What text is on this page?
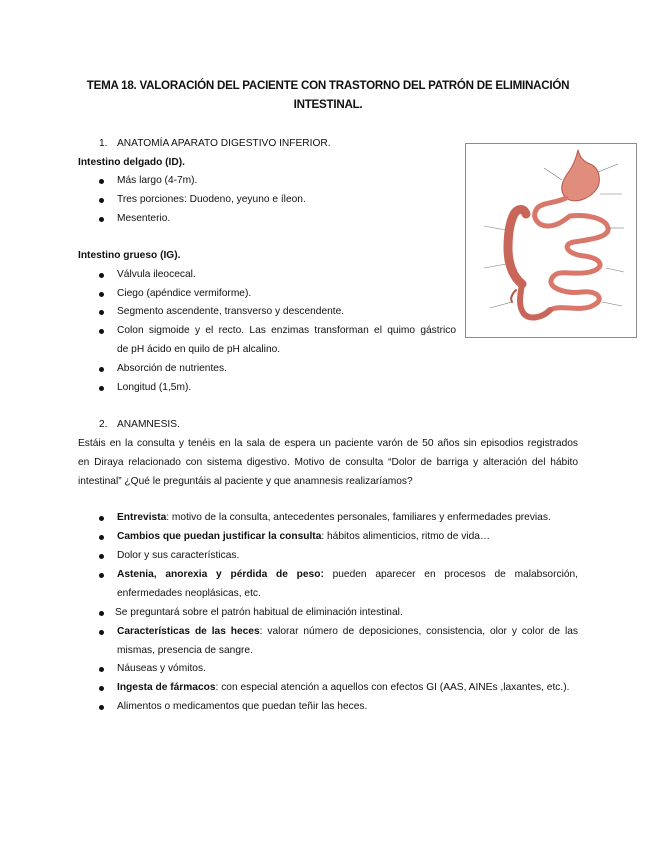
TEMA 18. VALORACIÓN DEL PACIENTE CON TRASTORNO DEL PATRÓN DE ELIMINACIÓN
INTESTINAL.
1. ANATOMÍA APARATO DIGESTIVO INFERIOR.
Intestino delgado (ID).
Más largo (4-7m).
Tres porciones: Duodeno, yeyuno e íleon.
Mesenterio.
Intestino grueso (IG).
Válvula ileocecal.
Ciego (apéndice vermiforme).
Segmento ascendente, transverso y descendente.
Colon sigmoide y el recto. Las enzimas transforman el quimo gástrico
de pH ácido en quilo de pH alcalino.
Absorción de nutrientes.
Longitud (1,5m).
2. ANAMNESIS.
Estáis en la consulta y tenéis en la sala de espera un paciente varón de 50 años sin episodios registrados
en Diraya relacionado con sistema digestivo. Motivo de consulta “Dolor de barriga y alteración del hábito
intestinal” ¿Qué le preguntáis al paciente y que anamnesis realizaríamos?
Entrevista: motivo de la consulta, antecedentes personales, familiares y enfermedades previas.
Cambios que puedan justificar la consulta: hábitos alimenticios, ritmo de vida…
Dolor y sus características.
Astenia, anorexia y pérdida de peso: pueden aparecer en procesos de malabsorción,
enfermedades neoplásicas, etc.
Se preguntará sobre el patrón habitual de eliminación intestinal.
Características de las heces: valorar número de deposiciones, consistencia, olor y color de las
mismas, presencia de sangre.
Náuseas y vómitos.
Ingesta de fármacos: con especial atención a aquellos con efectos GI (AAS, AINEs ,laxantes, etc.).
Alimentos o medicamentos que puedan teñir las heces.
